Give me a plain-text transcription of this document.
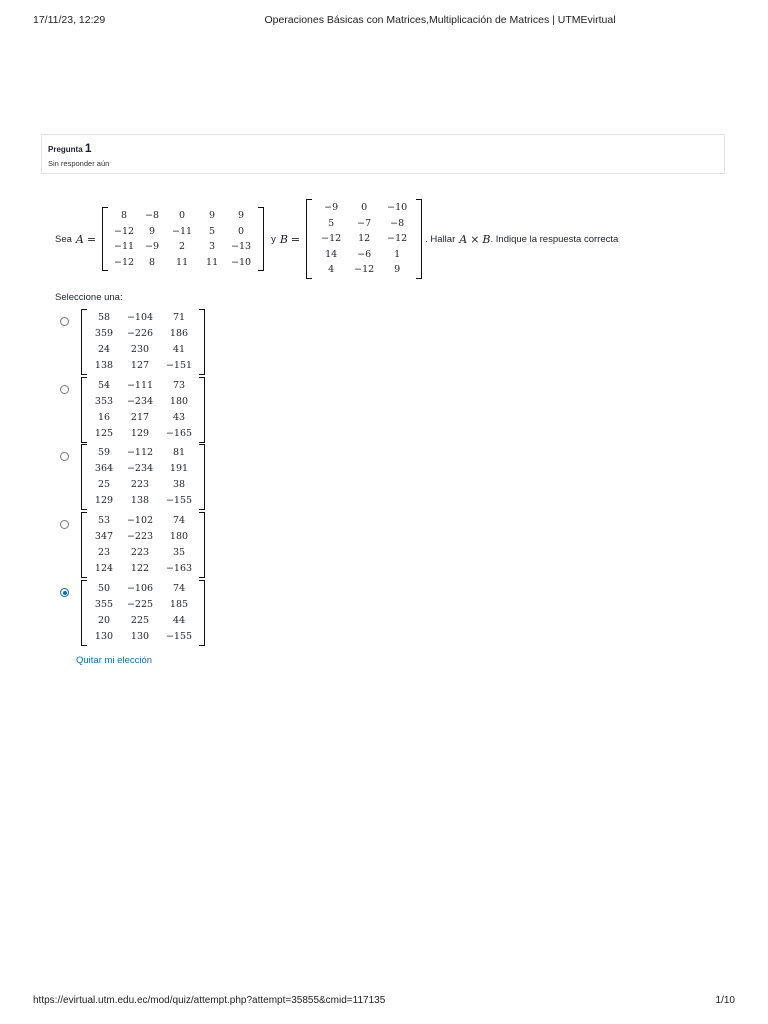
17/11/23, 12:29	Operaciones Básicas con Matrices,Multiplicación de Matrices | UTMEvirtual
Pregunta 1
Sin responder aún
Sea A =
8	−8	0	9	9
−12	9	−11	5	0
−11	−9	2	3	−13
−12	8	11	11	−10
y B =
−9	0	−10
5	−7	−8
−12	12	−12
14	−6	1
4	−12	9
. Hallar A × B . Indique la respuesta correcta
Seleccione una:
58	−104	71
359	−226	186
24	230	41
138	127	−151
54	−111	73
353	−234	180
16	217	43
125	129	−165
59	−112	81
364	−234	191
25	223	38
129	138	−155
53	−102	74
347	−223	180
23	223	35
124	122	−163
50	−106	74
355	−225	185
20	225	44
130	130	−155
Quitar mi elección
https://evirtual.utm.edu.ec/mod/quiz/attempt.php?attempt=35855&cmid=117135	1/10
